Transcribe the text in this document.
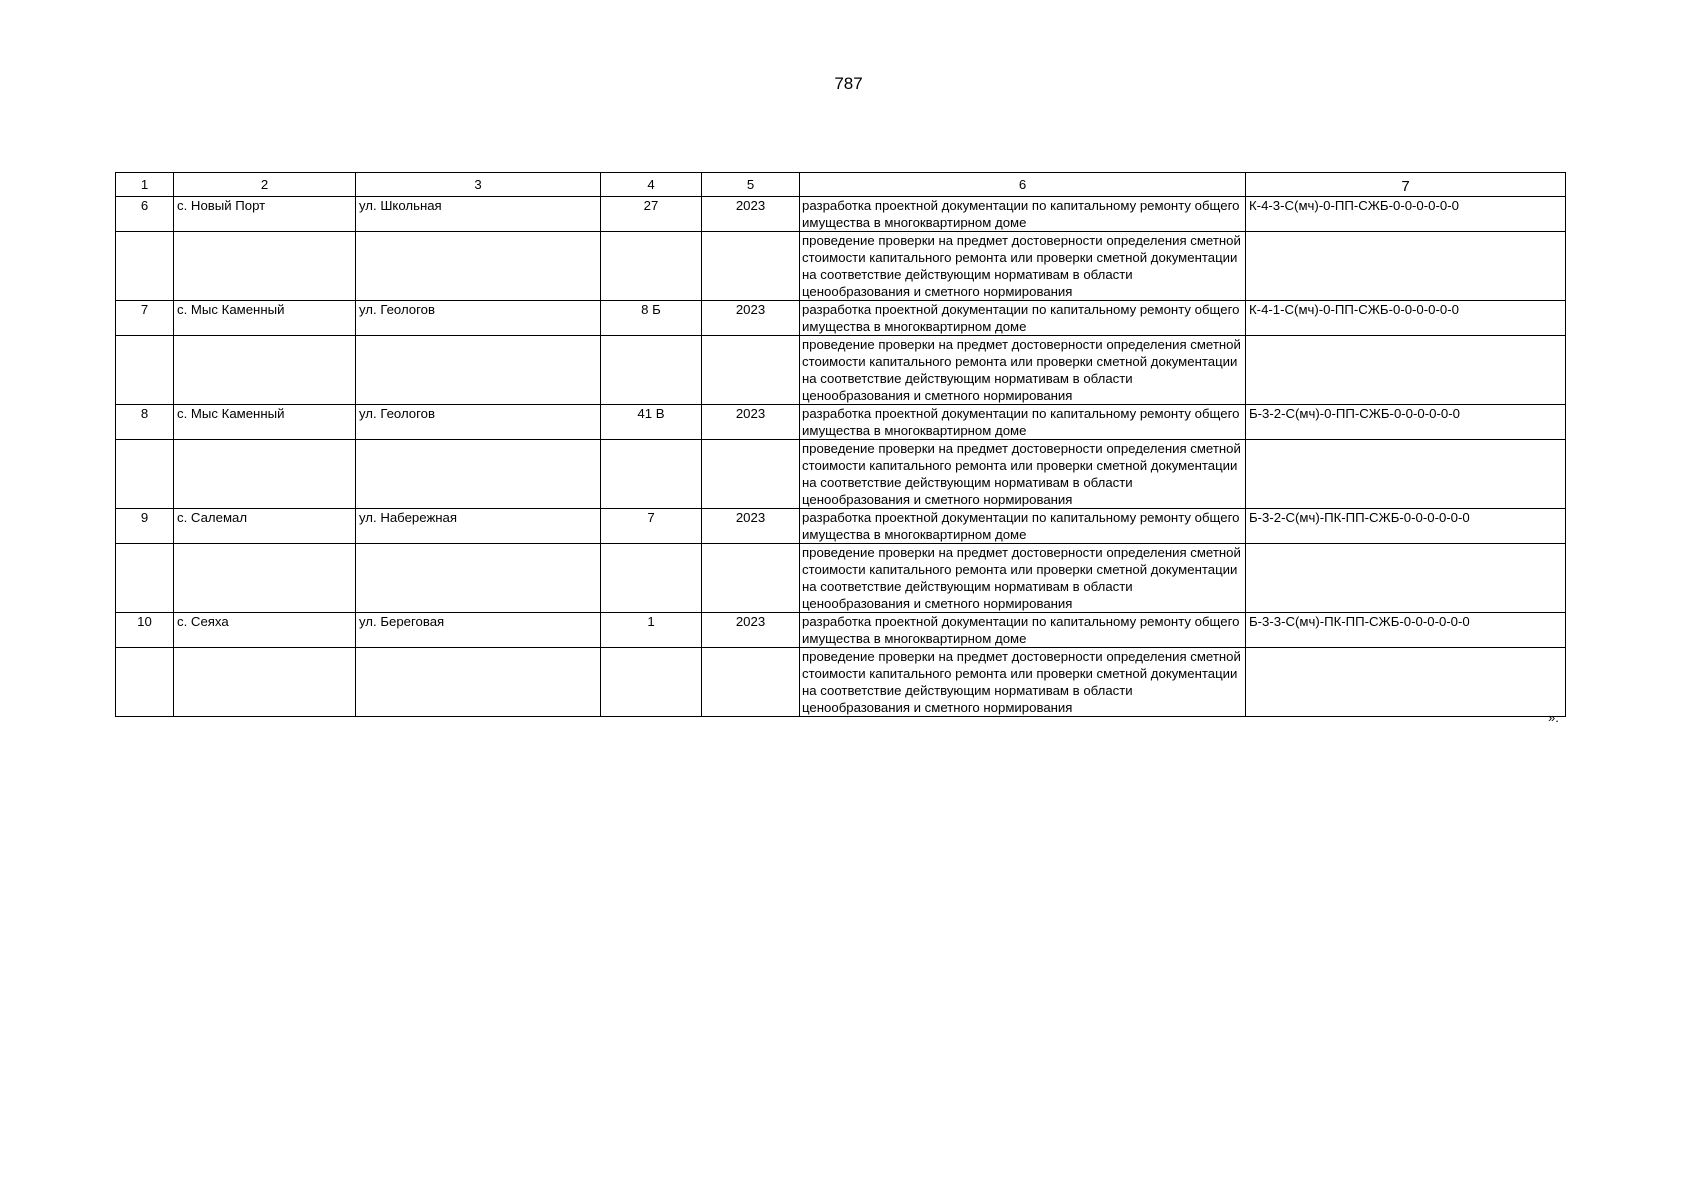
787
1	2	3	4	5	6	7
6	с. Новый Порт	ул. Школьная	27	2023	разработка проектной документации по капитальному ремонту общего имущества в многоквартирном доме	К-4-3-С(мч)-0-ПП-СЖБ-0-0-0-0-0-0
					проведение проверки на предмет достоверности определения сметной стоимости капитального ремонта или проверки сметной документации на соответствие действующим нормативам в области ценообразования и сметного нормирования	
7	с. Мыс Каменный	ул. Геологов	8 Б	2023	разработка проектной документации по капитальному ремонту общего имущества в многоквартирном доме	К-4-1-С(мч)-0-ПП-СЖБ-0-0-0-0-0-0
					проведение проверки на предмет достоверности определения сметной стоимости капитального ремонта или проверки сметной документации на соответствие действующим нормативам в области ценообразования и сметного нормирования	
8	с. Мыс Каменный	ул. Геологов	41 В	2023	разработка проектной документации по капитальному ремонту общего имущества в многоквартирном доме	Б-3-2-С(мч)-0-ПП-СЖБ-0-0-0-0-0-0
					проведение проверки на предмет достоверности определения сметной стоимости капитального ремонта или проверки сметной документации на соответствие действующим нормативам в области ценообразования и сметного нормирования	
9	с. Салемал	ул. Набережная	7	2023	разработка проектной документации по капитальному ремонту общего имущества в многоквартирном доме	Б-3-2-С(мч)-ПК-ПП-СЖБ-0-0-0-0-0-0
					проведение проверки на предмет достоверности определения сметной стоимости капитального ремонта или проверки сметной документации на соответствие действующим нормативам в области ценообразования и сметного нормирования	
10	с. Сеяха	ул. Береговая	1	2023	разработка проектной документации по капитальному ремонту общего имущества в многоквартирном доме	Б-3-3-С(мч)-ПК-ПП-СЖБ-0-0-0-0-0-0
					проведение проверки на предмет достоверности определения сметной стоимости капитального ремонта или проверки сметной документации на соответствие действующим нормативам в области ценообразования и сметного нормирования	
».
